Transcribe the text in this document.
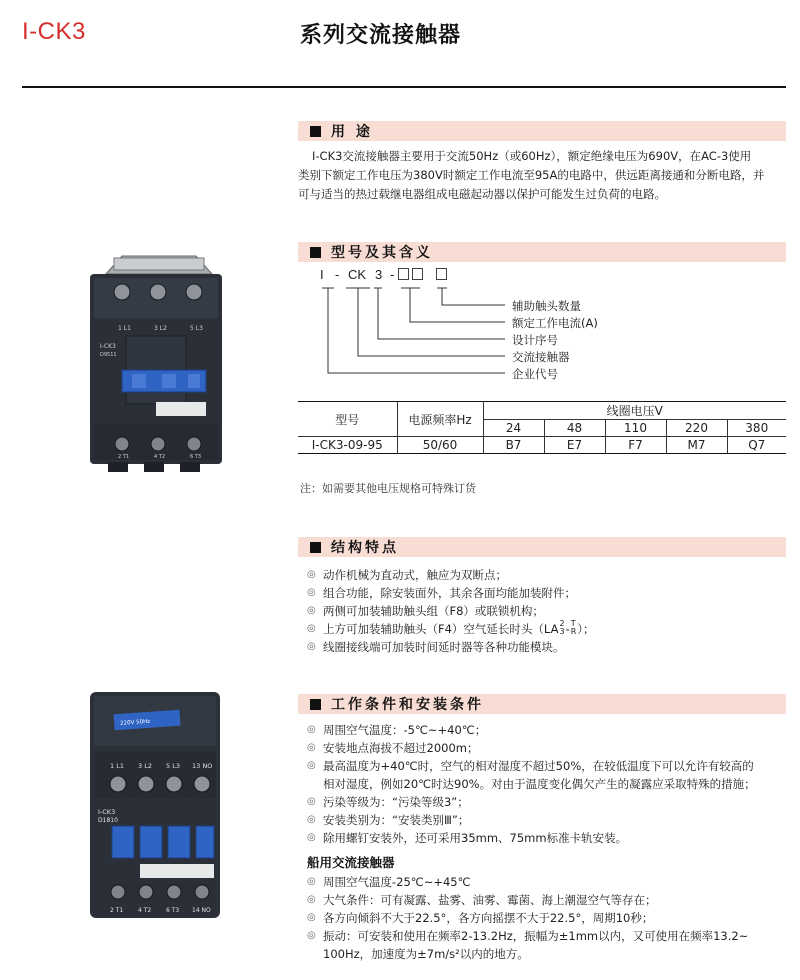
I-CK3	系列交流接触器
用 途

I-CK3交流接触器主要用于交流50Hz（或60Hz），额定绝缘电压为690V，在AC-3使用

类别下额定工作电压为380V时额定工作电流至95A的电路中，供远距离接通和分断电路，并

可与适当的热过载继电器组成电磁起动器以保护可能发生过负荷的电路。

型号及其含义
I - CK 3 -
辅助触头数量
额定工作电流(A)
设计序号
交流接触器
企业代号
型号	电源频率Hz	线圈电压V				
		24	48	110	220	380
I-CK3-09-95	50/60	B7	E7	F7	M7	Q7
注：如需要其他电压规格可特殊订货
结构特点
◎ 动作机械为直动式，触应为双断点；
◎ 组合功能，除安装面外，其余各面均能加装附件；
◎ 两侧可加装辅助触头组（F8）或联锁机构；
◎ 上方可加装辅助触头（F4）空气延长时头（LA 2
3 - T
R ）；
◎ 线圈接线端可加装时间延时器等各种功能模块。
工作条件和安装条件
◎ 周围空气温度：-5℃~+40℃；
◎ 安装地点海拔不超过2000m；
◎ 最高温度为+40℃时，空气的相对湿度不超过50%，在较低温度下可以允许有较高的
相对湿度，例如20℃时达90%。对由于温度变化偶欠产生的凝露应采取特殊的措施；
◎ 污染等级为：“污染等级3”；
◎ 安装类别为：“安装类别Ⅲ”；
◎ 除用螺钉安装外，还可采用35mm、75mm标准卡轨安装。
船用交流接触器
◎ 周围空气温度-25℃~+45℃
◎ 大气条件：可有凝露、盐雾、油雾、霉菌、海上潮湿空气等存在；
◎ 各方向倾斜不大于22.5°，各方向摇摆不大于22.5°，周期10秒；
◎ 振动：可安装和使用在频率2-13.2Hz，振幅为±1mm以内，又可使用在频率13.2~
100Hz，加速度为±7m/s²以内的地方。
1 L1	3 L2	5 L3
I-CK3
D9511
2 T1	4 T2	6 T3
220V 50Hz
1 L1 3 L2 5 L3 13 NO
I-CK3
D1810
2 T1 4 T2 6 T3 14 NO
